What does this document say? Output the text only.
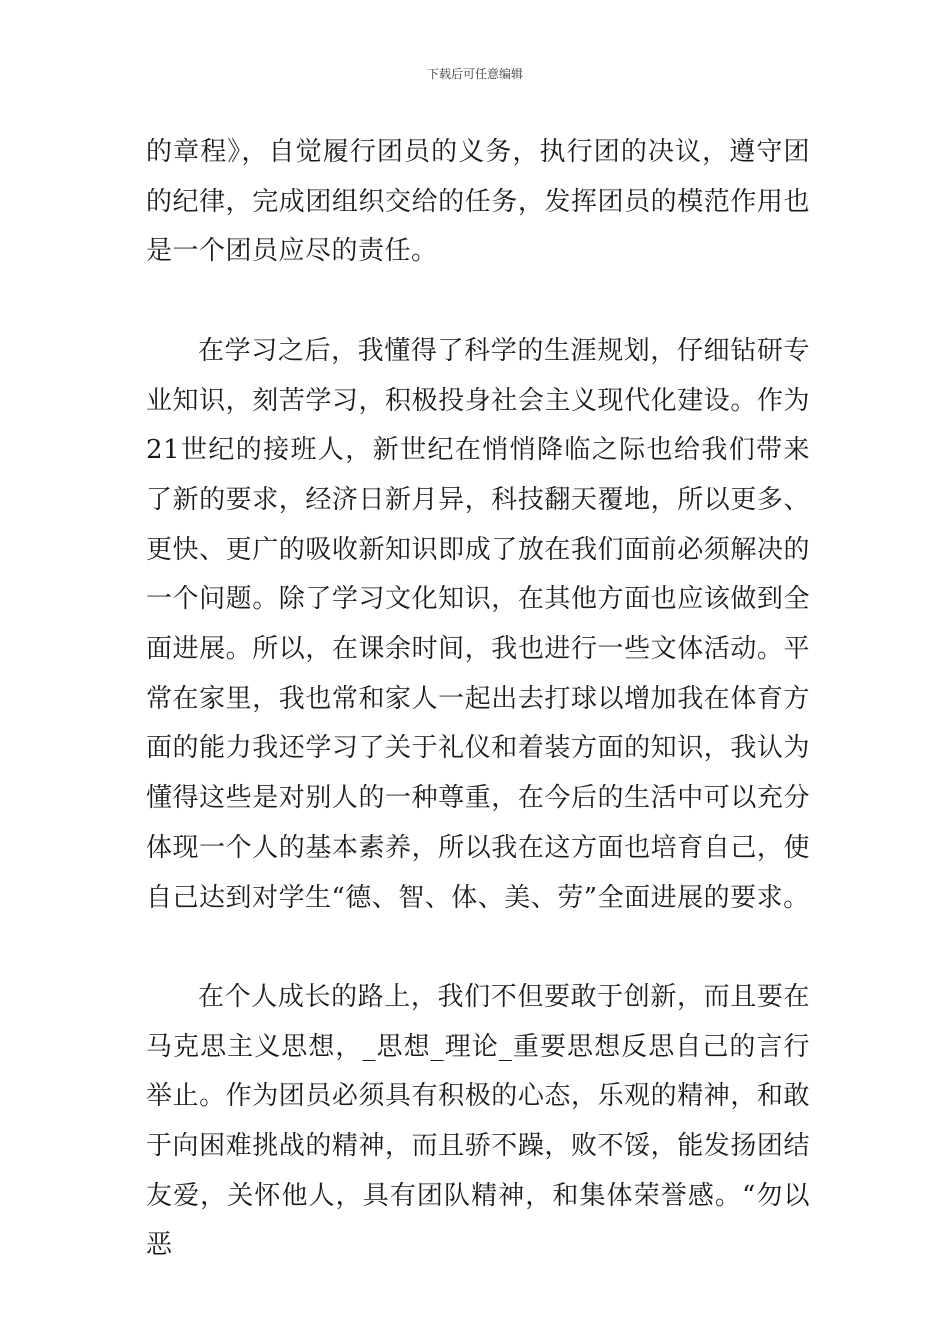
下载后可任意编辑

的章程》，自觉履行团员的义务，执行团的决议，遵守团的纪律，完成团组织交给的任务，发挥团员的模范作用也是一个团员应尽的责任。

在学习之后，我懂得了科学的生涯规划，仔细钻研专业知识，刻苦学习，积极投身社会主义现代化建设。作为21世纪的接班人，新世纪在悄悄降临之际也给我们带来了新的要求，经济日新月异，科技翻天覆地，所以更多、更快、更广的吸收新知识即成了放在我们面前必须解决的一个问题。除了学习文化知识，在其他方面也应该做到全面进展。所以，在课余时间，我也进行一些文体活动。平常在家里，我也常和家人一起出去打球以增加我在体育方面的能力我还学习了关于礼仪和着装方面的知识，我认为懂得这些是对别人的一种尊重，在今后的生活中可以充分体现一个人的基本素养，所以我在这方面也培育自己，使自己达到对学生“德、智、体、美、劳”全面进展的要求。

在个人成长的路上，我们不但要敢于创新，而且要在马克思主义思想，_思想_理论_重要思想反思自己的言行举止。作为团员必须具有积极的心态，乐观的精神，和敢于向困难挑战的精神，而且骄不躁，败不馁，能发扬团结友爱，关怀他人，具有团队精神，和集体荣誉感。“勿以恶
